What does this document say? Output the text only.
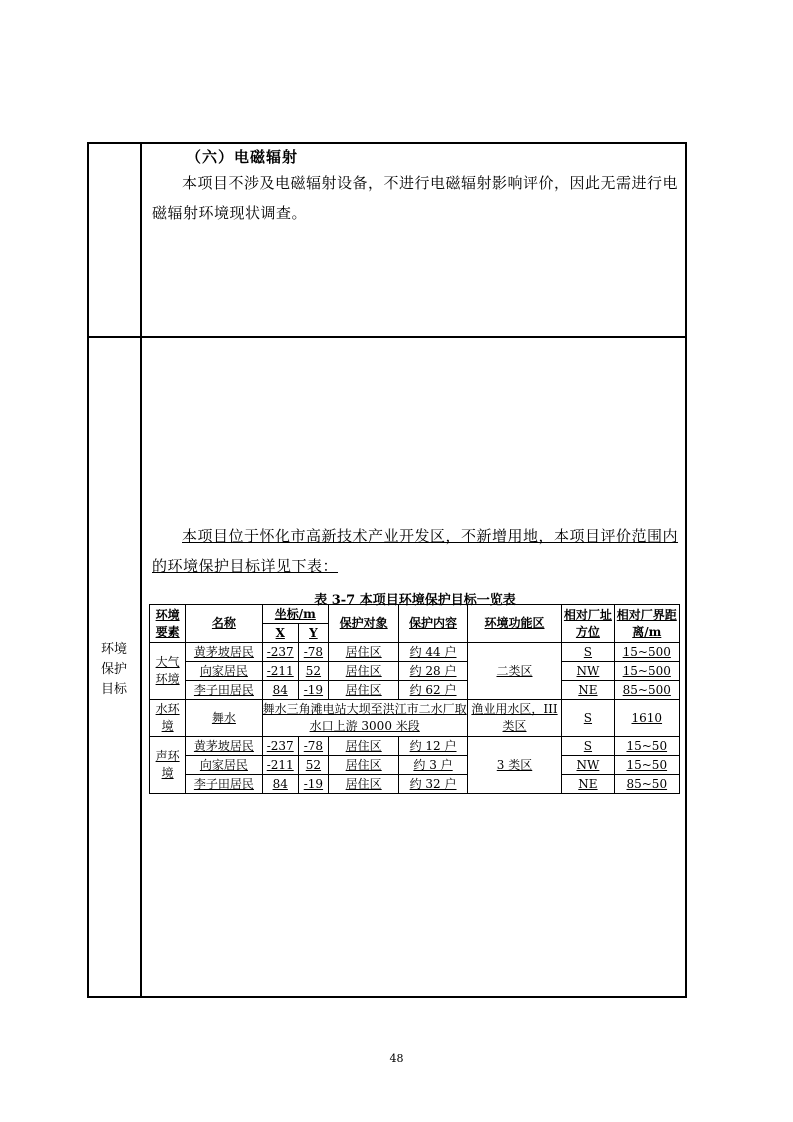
（六）电磁辐射
本项目不涉及电磁辐射设备，不进行电磁辐射影响评价，因此无需进行电磁辐射环境现状调查。
环境
保护
目标
本项目位于怀化市高新技术产业开发区，不新增用地，本项目评价范围内的环境保护目标详见下表：
表 3-7 本项目环境保护目标一览表
环境要素	名称	坐标/m		保护对象	保护内容	环境功能区	相对厂址方位	相对厂界距离/m
		X	Y					
大气环境	黄茅坡居民	-237	-78	居住区	约 44 户	二类区	S	15~500
	向家居民	-211	52	居住区	约 28 户		NW	15~500
	李子田居民	84	-19	居住区	约 62 户		NE	85~500
水环境	舞水	舞水三角滩电站大坝至洪江市二水厂取水口上游 3000 米段				渔业用水区，III 类区	S	1610
声环境	黄茅坡居民	-237	-78	居住区	约 12 户	3 类区	S	15~50
	向家居民	-211	52	居住区	约 3 户		NW	15~50
	李子田居民	84	-19	居住区	约 32 户		NE	85~50
48
